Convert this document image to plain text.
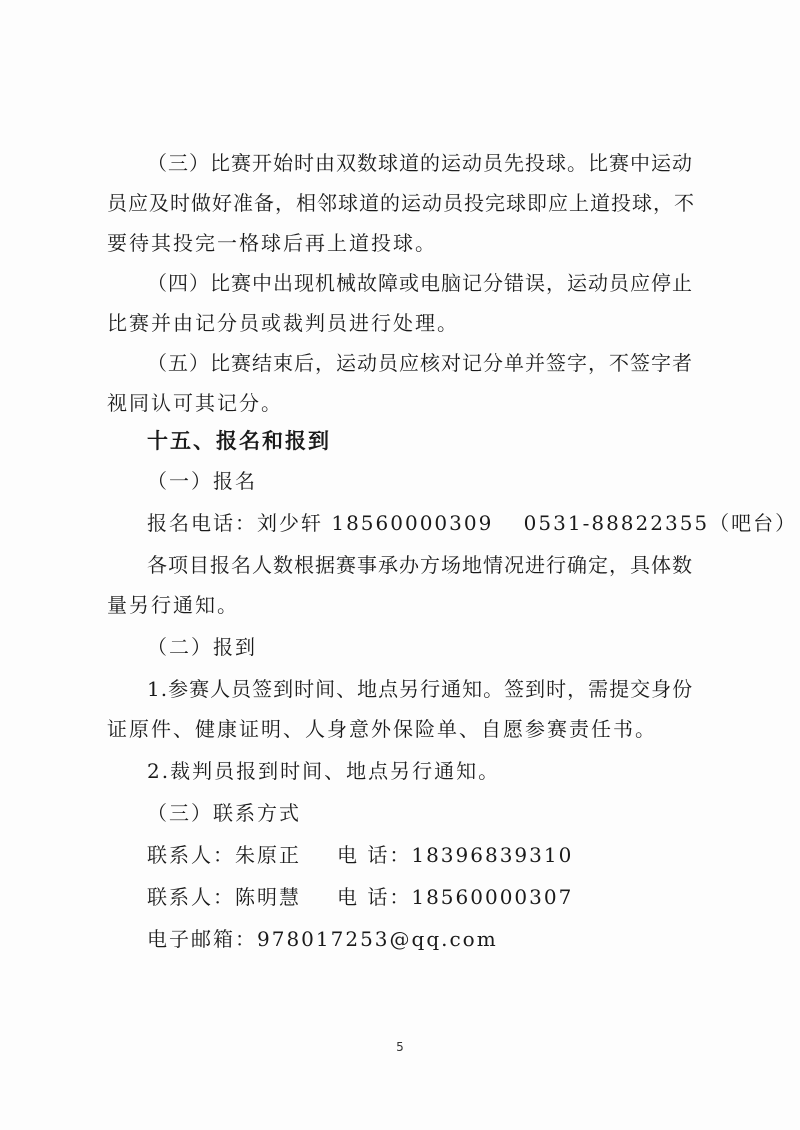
（三）比赛开始时由双数球道的运动员先投球。比赛中运动
员应及时做好准备，相邻球道的运动员投完球即应上道投球，不
要待其投完一格球后再上道投球。
（四）比赛中出现机械故障或电脑记分错误，运动员应停止
比赛并由记分员或裁判员进行处理。
（五）比赛结束后，运动员应核对记分单并签字，不签字者
视同认可其记分。
十五、报名和报到
（一）报名
报名电话：刘少轩 18560000309　 0531-88822355（吧台）
各项目报名人数根据赛事承办方场地情况进行确定，具体数
量另行通知。
（二）报到
1.参赛人员签到时间、地点另行通知。签到时，需提交身份
证原件、健康证明、人身意外保险单、自愿参赛责任书。
2.裁判员报到时间、地点另行通知。
（三）联系方式
联系人：朱原正 电 话：18396839310
联系人：陈明慧 电 话：18560000307
电子邮箱：978017253@qq.com
5
